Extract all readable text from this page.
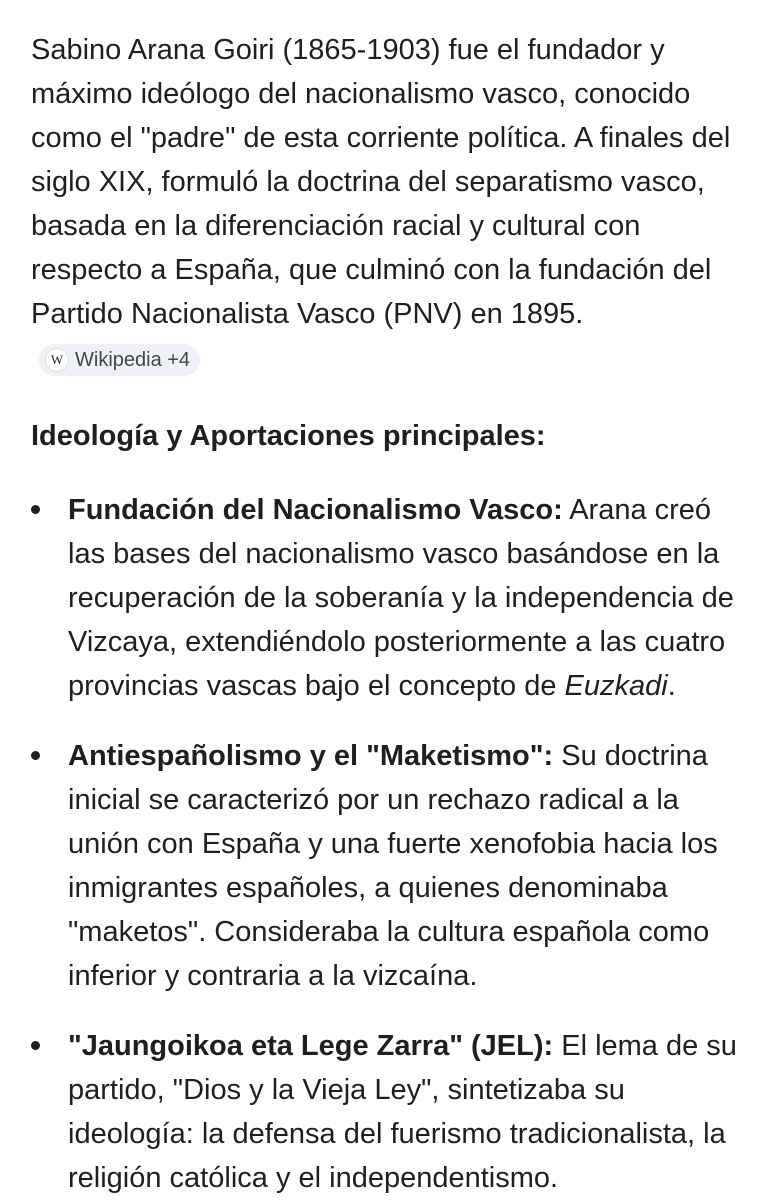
Sabino Arana Goiri (1865-1903) fue el fundador y máximo ideólogo del nacionalismo vasco, conocido como el "padre" de esta corriente política. A finales del siglo XIX, formuló la doctrina del separatismo vasco, basada en la diferenciación racial y cultural con respecto a España, que culminó con la fundación del Partido Nacionalista Vasco (PNV) en 1895.
W Wikipedia +4

Ideología y Aportaciones principales:
Fundación del Nacionalismo Vasco: Arana creó las bases del nacionalismo vasco basándose en la recuperación de la soberanía y la independencia de Vizcaya, extendiéndolo posteriormente a las cuatro provincias vascas bajo el concepto de Euzkadi.
Antiespañolismo y el "Maketismo": Su doctrina inicial se caracterizó por un rechazo radical a la unión con España y una fuerte xenofobia hacia los inmigrantes españoles, a quienes denominaba "maketos". Consideraba la cultura española como inferior y contraria a la vizcaína.
"Jaungoikoa eta Lege Zarra" (JEL): El lema de su partido, "Dios y la Vieja Ley", sintetizaba su ideología: la defensa del fuerismo tradicionalista, la religión católica y el independentismo.
